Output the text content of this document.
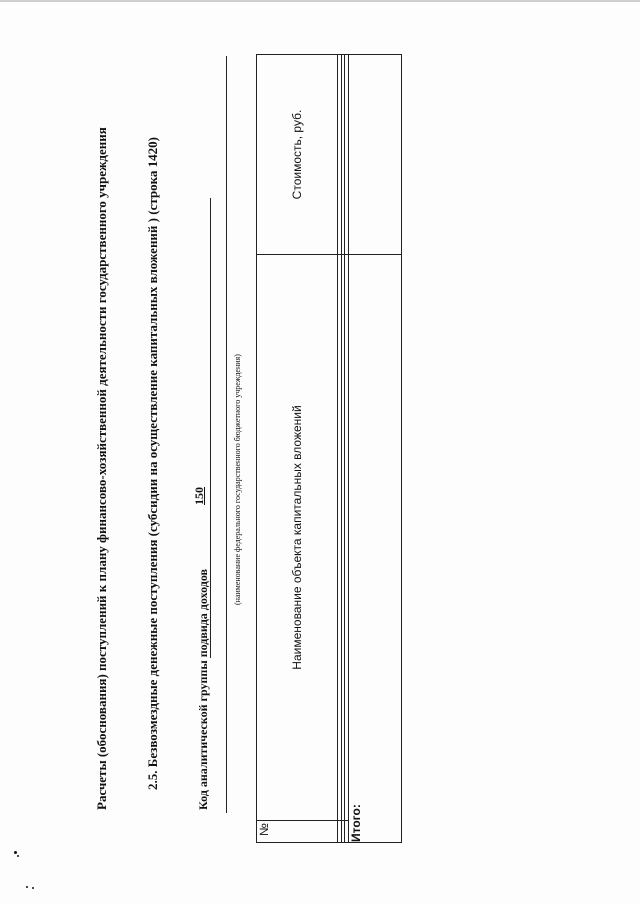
Расчеты (обоснования) поступлений к плану финансово-хозяйственной деятельности государственного учреждения	2.5. Безвозмездные денежные поступления (субсидии на осуществление капитальных вложений ) (строка 1420)	Код аналитической группы подвида доходов
150	(наименование федерального государственного бюджетного учреждения)
№	Наименование объекта капитальных вложений	Стоимость, руб.

Итого:		
